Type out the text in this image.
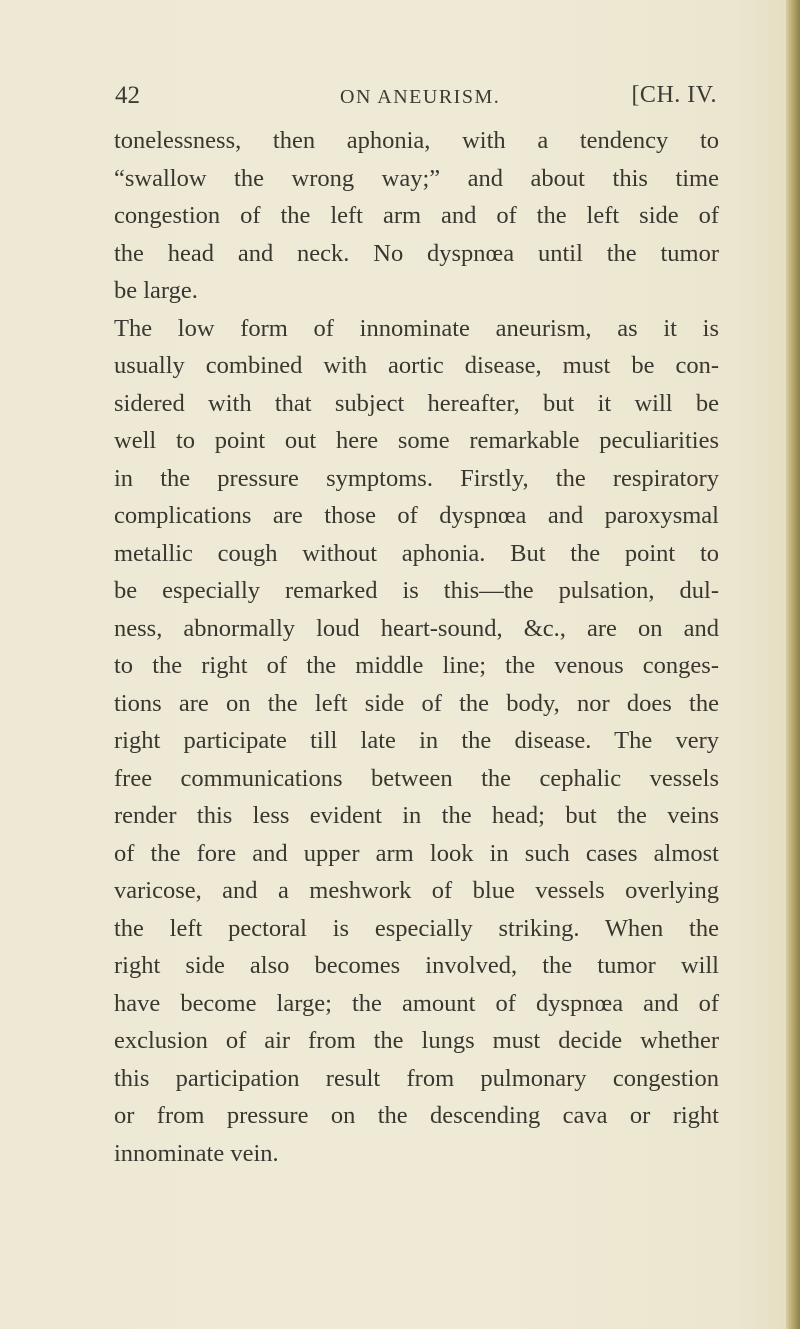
42	ON ANEURISM.	[CH. IV.
tonelessness, then aphonia, with a tendency to
“swallow the wrong way;” and about this time
congestion of the left arm and of the left side of
the head and neck. No dyspnœa until the tumor
be large.
The low form of innominate aneurism, as it is
usually combined with aortic disease, must be con-
sidered with that subject hereafter, but it will be
well to point out here some remarkable peculiarities
in the pressure symptoms. Firstly, the respiratory
complications are those of dyspnœa and paroxysmal
metallic cough without aphonia. But the point to
be especially remarked is this—the pulsation, dul-
ness, abnormally loud heart-sound, &c., are on and
to the right of the middle line; the venous conges-
tions are on the left side of the body, nor does the
right participate till late in the disease. The very
free communications between the cephalic vessels
render this less evident in the head; but the veins
of the fore and upper arm look in such cases almost
varicose, and a meshwork of blue vessels overlying
the left pectoral is especially striking. When the
right side also becomes involved, the tumor will
have become large; the amount of dyspnœa and of
exclusion of air from the lungs must decide whether
this participation result from pulmonary congestion
or from pressure on the descending cava or right
innominate vein.
